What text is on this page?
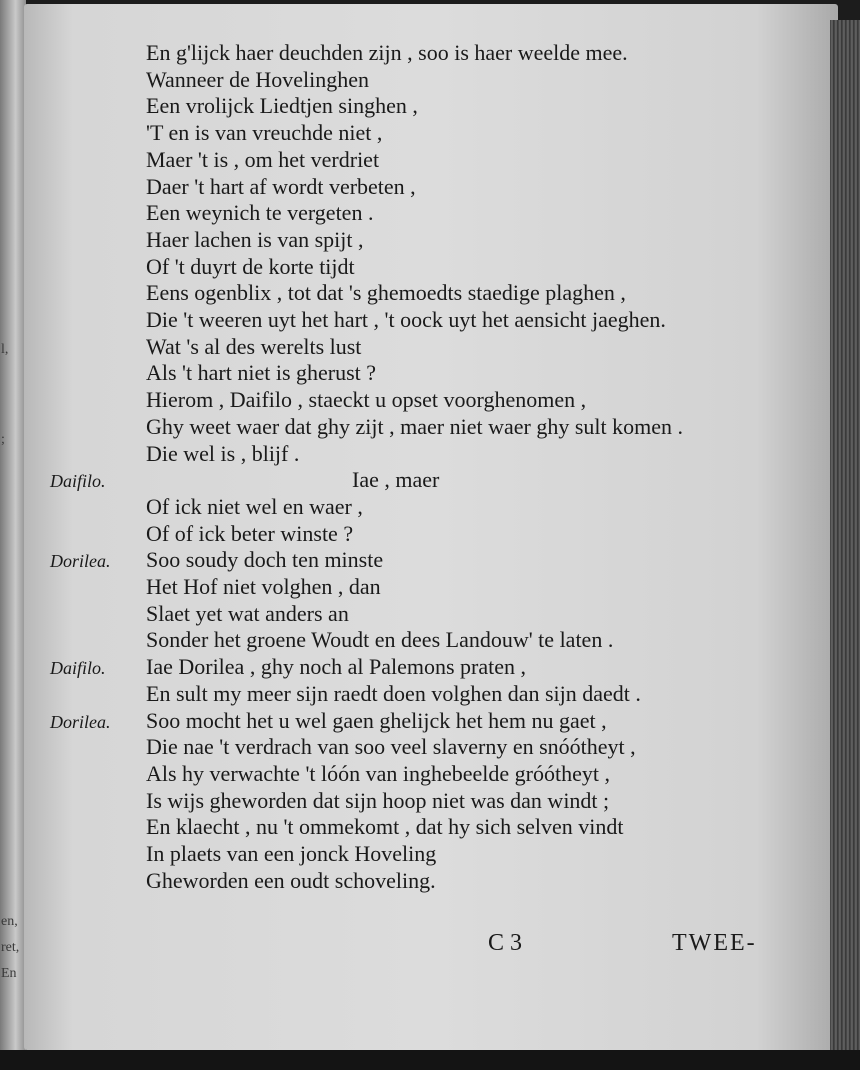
l,
;
en,
ret,
En
En g'lijck haer deuchden zijn , soo is haer weelde mee.
Wanneer de Hovelinghen
Een vrolijck Liedtjen singhen ,
'T en is van vreuchde niet ,
Maer 't is , om het verdriet
Daer 't hart af wordt verbeten ,
Een weynich te vergeten .
Haer lachen is van spijt ,
Of 't duyrt de korte tijdt
Eens ogenblix , tot dat 's ghemoedts staedige plaghen ,
Die 't weeren uyt het hart , 't oock uyt het aensicht jaeghen.
Wat 's al des werelts lust
Als 't hart niet is gherust ?
Hierom , Daifilo , staeckt u opset voorghenomen ,
Ghy weet waer dat ghy zijt , maer niet waer ghy sult komen .
Die wel is , blijf .
Daifilo.	Iae , maer
Of ick niet wel en waer ,
Of of ick beter winste ?
Dorilea. Soo soudy doch ten minste
Het Hof niet volghen , dan
Slaet yet wat anders an
Sonder het groene Woudt en dees Landouw' te laten .
Daifilo. Iae Dorilea , ghy noch al Palemons praten ,
En sult my meer sijn raedt doen volghen dan sijn daedt .
Dorilea. Soo mocht het u wel gaen ghelijck het hem nu gaet ,
Die nae 't verdrach van soo veel slaverny en snóótheyt ,
Als hy verwachte 't lóón van inghebeelde gróótheyt ,
Is wijs gheworden dat sijn hoop niet was dan windt ;
En klaecht , nu 't ommekomt , dat hy sich selven vindt
In plaets van een jonck Hoveling
Gheworden een oudt schoveling.
C 3	TWEE-
